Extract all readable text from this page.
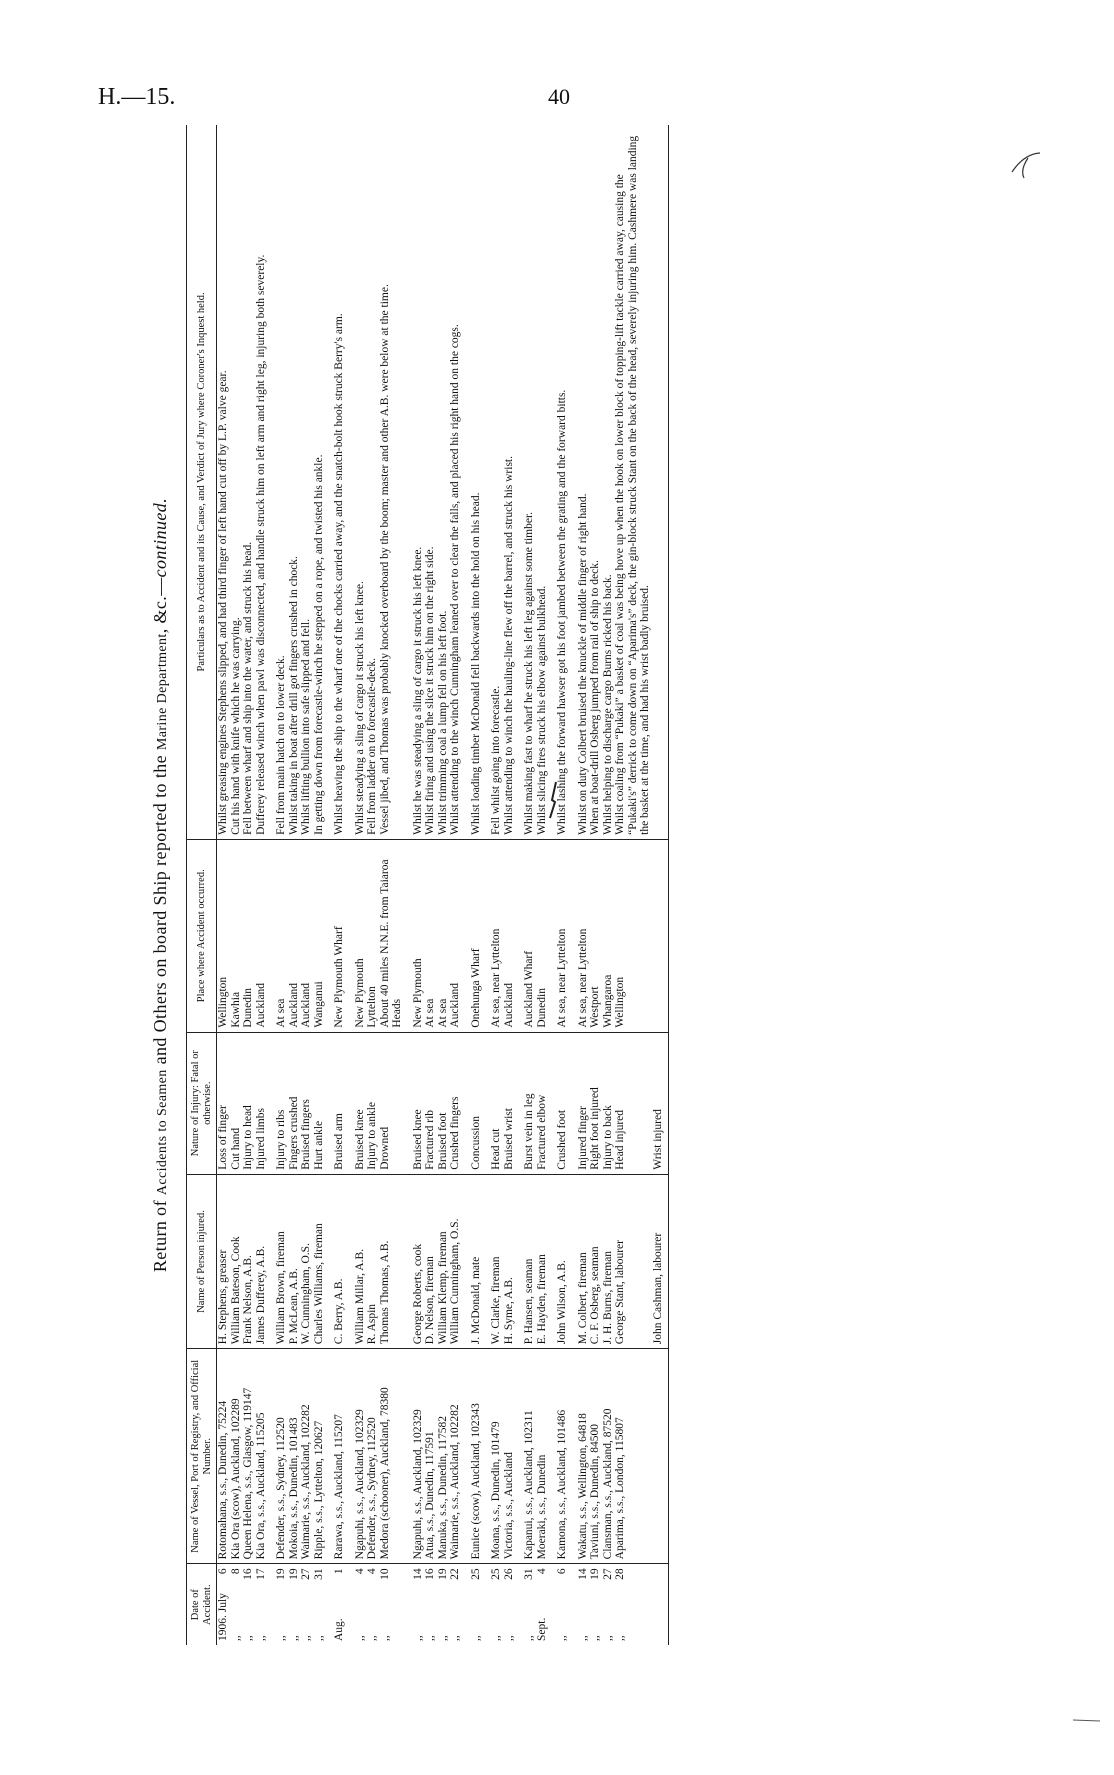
H.—15.	40
Return of Accidents to Seamen and Others on board Ship reported to the Marine Department, &c.—continued.
Date of Accident.	Name of Vessel, Port of Registry, and Official Number.	Name of Person injured.	Nature of Injury: Fatal or otherwise.	Place where Accident occurred.	Particulars as to Accident and its Cause, and Verdict of Jury where Coroner's Inquest held.
1906. July
6	Rotomahana, s.s., Dunedin, 75224	H. Stephens, greaser	Loss of finger	Wellington	Whilst greasing engines Stephens slipped, and had third finger of left hand cut off by L.P. valve gear.
,,
8	Kia Ora (scow), Auckland, 102289	William Bateson, Cook	Cut hand	Kawhia	Cut his hand with knife which he was carrying.
,,
16	Queen Helena, s.s., Glasgow, 119147	Frank Nelson, A.B.	Injury to head	Dunedin	Fell between wharf and ship into the water, and struck his head.
,,
17	Kia Ora, s.s., Auckland, 115205	James Dufferey, A.B.	Injured limbs	Auckland	Dufferey released winch when pawl was disconnected, and handle struck him on left arm and right leg, injuring both severely.

,,
19	Defender, s.s., Sydney, 112520	William Brown, fireman	Injury to ribs	At sea	Fell from main hatch on to lower deck.
,,
19	Mokoia, s.s., Dunedin, 101483	P. McLean, A.B.	Fingers crushed	Auckland	Whilst taking in boat after drill got fingers crushed in chock.
,,
27	Waimarie, s.s., Auckland, 102282	W. Cunningham, O.S.	Bruised fingers	Auckland	Whilst lifting bullion into safe slipped and fell.
,,
31	Ripple, s.s., Lyttelton, 120627	Charles Williams, fireman	Hurt ankle	Wanganui	In getting down from forecastle-winch he stepped on a rope, and twisted his ankle.

Aug.
1	Rarawa, s.s., Auckland, 115207	C. Berry, A.B.	Bruised arm	New Plymouth Wharf	Whilst heaving the ship to the wharf one of the chocks carried away, and the snatch-bolt hook struck Berry's arm.

,,
4	Ngapuhi, s.s., Auckland, 102329	William Millar, A.B.	Bruised knee	New Plymouth	Whilst steadying a sling of cargo it struck his left knee.
,,
4	Defender, s.s., Sydney, 112520	R. Aspin	Injury to ankle	Lyttelton	Fell from ladder on to forecastle-deck.
,,
10	Medora (schooner), Auckland, 78380	Thomas Thomas, A.B.	Drowned	About 40 miles N.N.E. from Taiaroa Heads	Vessel jibed, and Thomas was probably knocked overboard by the boom; master and other A.B. were below at the time.

,,
14	Ngapuhi, s.s., Auckland, 102329	George Roberts, cook	Bruised knee	New Plymouth	Whilst he was steadying a sling of cargo it struck his left knee.
,,
16	Atua, s.s., Dunedin, 117591	D. Nelson, fireman	Fractured rib	At sea	Whilst firing and using the slice it struck him on the right side.
,,
19	Manuka, s.s., Dunedin, 117582	William Klemp, fireman	Bruised foot	At sea	Whilst trimming coal a lump fell on his left foot.
,,
22	Waimarie, s.s., Auckland, 102282	William Cunningham, O.S.	Crushed fingers	Auckland	Whilst attending to the winch Cunningham leaned over to clear the falls, and placed his right hand on the cogs.

,,
25	Eunice (scow), Auckland, 102343	J. McDonald, mate	Concussion	Onehunga Wharf	Whilst loading timber McDonald fell backwards into the hold on his head.

,,
25	Moana, s.s., Dunedin, 101479	W. Clarke, fireman	Head cut	At sea, near Lyttelton	Fell whilst going into forecastle.
,,
26	Victoria, s.s., Auckland	H. Syme, A.B.	Bruised wrist	Auckland	Whilst attending to winch the hauling-line flew off the barrel, and struck his wrist.

,,
31	Kapanui, s.s., Auckland, 102311	P. Hansen, seaman	Burst vein in leg	Auckland Wharf	Whilst making fast to wharf he struck his left leg against some timber.
Sept.
4	Moeraki, s.s., Dunedin	E. Hayden, fireman	Fractured elbow	Dunedin	Whilst slicing fires struck his elbow against bulkhead.

,,
6	Kamona, s.s., Auckland, 101486	John Wilson, A.B.	Crushed foot	At sea, near Lyttelton	Whilst lashing the forward hawser got his foot jambed between the grating and the forward bitts.

,,
14	Wakatu, s.s., Wellington, 64818	M. Colbert, fireman	Injured finger	At sea, near Lyttelton	Whilst on duty Colbert bruised the knuckle of middle finger of right hand.
,,
19	Taviuni, s.s., Dunedin, 84500	C. F. Osberg, seaman	Right foot injured	Westport	When at boat-drill Osberg jumped from rail of ship to deck.
,,
27	Clansman, s.s., Auckland, 87520	J. H. Burns, fireman	Injury to back	Whangaroa	Whilst helping to discharge cargo Burns ricked his back.
,,
28	Aparima, s.s., London, 115807	George Stant, labourer	Head injured	Wellington	Whilst coaling from “Pukaki” a basket of coal was being hove up when the hook on lower block of topping-lift tackle carried away, causing the “Pukaki's” derrick to come down on “Aparima's” deck, the gin-block struck Stant on the back of the head, severely injuring him. Cashmere was landing the basket at the time, and had his wrist badly bruised.

		John Cashman, labourer	Wrist injured		
